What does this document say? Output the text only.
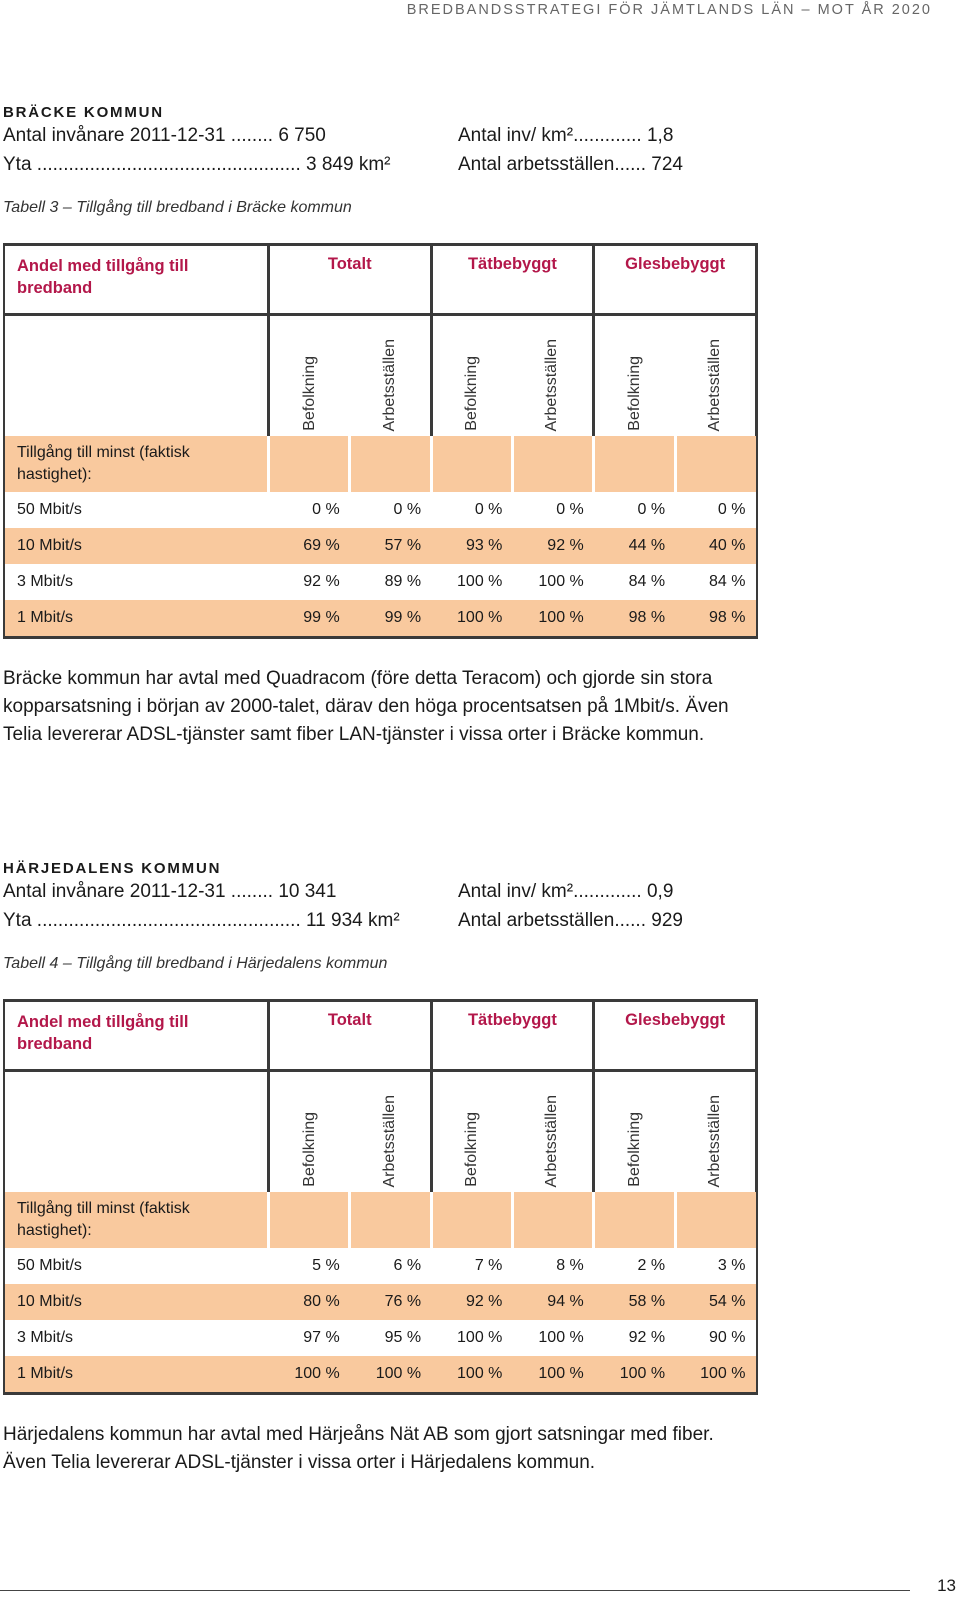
BREDBANDSSTRATEGI FÖR JÄMTLANDS LÄN – MOT ÅR 2020
BRÄCKE KOMMUN
Antal invånare 2011-12-31 ........ 6 750
Yta .................................................. 3 849 km²
Antal inv/ km²............. 1,8
Antal arbetsställen...... 724
Tabell 3 – Tillgång till bredband i Bräcke kommun
Andel med tillgång till bredband	Totalt		Tätbebyggt		Glesbebyggt	
	Befolkning	Arbetsställen	Befolkning	Arbetsställen	Befolkning	Arbetsställen
Tillgång till minst (faktisk hastighet):						
50 Mbit/s	0 %	0 %	0 %	0 %	0 %	0 %
10 Mbit/s	69 %	57 %	93 %	92 %	44 %	40 %
3 Mbit/s	92 %	89 %	100 %	100 %	84 %	84 %
1 Mbit/s	99 %	99 %	100 %	100 %	98 %	98 %
Bräcke kommun har avtal med Quadracom (före detta Teracom) och gjorde sin stora kopparsatsning i början av 2000-talet, därav den höga procentsatsen på 1Mbit/s. Även Telia levererar ADSL-tjänster samt fiber LAN-tjänster i vissa orter i Bräcke kommun.
HÄRJEDALENS KOMMUN
Antal invånare 2011-12-31 ........ 10 341
Yta .................................................. 11 934 km²
Antal inv/ km²............. 0,9
Antal arbetsställen...... 929
Tabell 4 – Tillgång till bredband i Härjedalens kommun
Andel med tillgång till bredband	Totalt		Tätbebyggt		Glesbebyggt	
	Befolkning	Arbetsställen	Befolkning	Arbetsställen	Befolkning	Arbetsställen
Tillgång till minst (faktisk hastighet):						
50 Mbit/s	5 %	6 %	7 %	8 %	2 %	3 %
10 Mbit/s	80 %	76 %	92 %	94 %	58 %	54 %
3 Mbit/s	97 %	95 %	100 %	100 %	92 %	90 %
1 Mbit/s	100 %	100 %	100 %	100 %	100 %	100 %
Härjedalens kommun har avtal med Härjeåns Nät AB som gjort satsningar med fiber. Även Telia levererar ADSL-tjänster i vissa orter i Härjedalens kommun.
13
